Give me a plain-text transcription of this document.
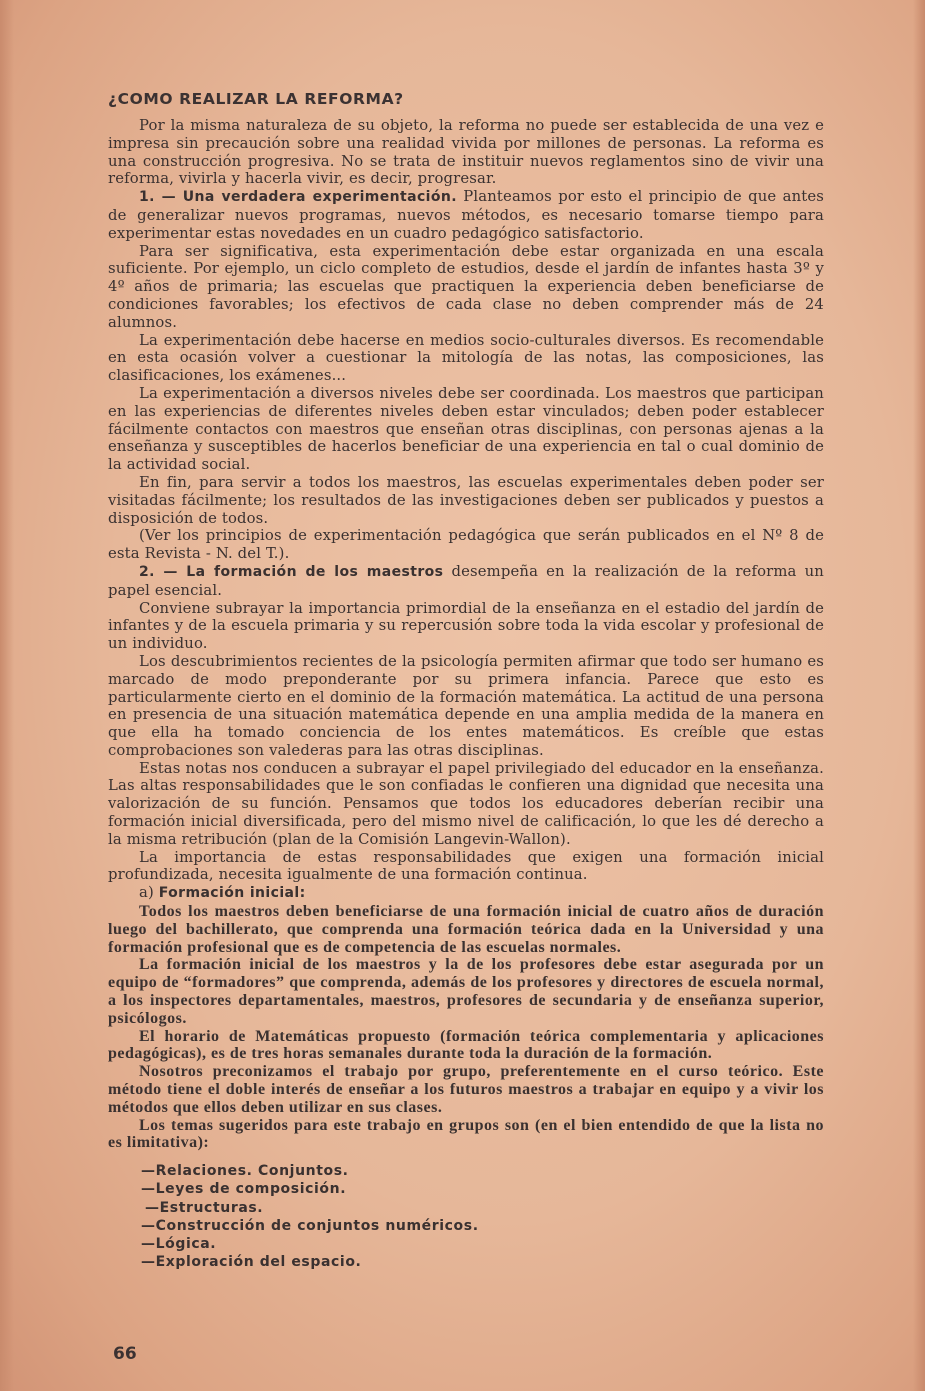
¿COMO REALIZAR LA REFORMA?

Por la misma naturaleza de su objeto, la reforma no puede ser establecida de una vez e impresa sin precaución sobre una realidad vivida por millones de personas. La reforma es una construcción progresiva. No se trata de instituir nuevos reglamentos sino de vivir una reforma, vivirla y hacerla vivir, es decir, progresar.

1. — Una verdadera experimentación. Planteamos por esto el principio de que antes de generalizar nuevos programas, nuevos métodos, es necesario tomarse tiempo para experimentar estas novedades en un cuadro pedagógico satisfactorio.

Para ser significativa, esta experimentación debe estar organizada en una escala suficiente. Por ejemplo, un ciclo completo de estudios, desde el jardín de infantes hasta 3º y 4º años de primaria; las escuelas que practiquen la experiencia deben beneficiarse de condiciones favorables; los efectivos de cada clase no deben comprender más de 24 alumnos.

La experimentación debe hacerse en medios socio-culturales diversos. Es recomendable en esta ocasión volver a cuestionar la mitología de las notas, las composiciones, las clasificaciones, los exámenes...

La experimentación a diversos niveles debe ser coordinada. Los maestros que participan en las experiencias de diferentes niveles deben estar vinculados; deben poder establecer fácilmente contactos con maestros que enseñan otras disciplinas, con personas ajenas a la enseñanza y susceptibles de hacerlos beneficiar de una experiencia en tal o cual dominio de la actividad social.

En fin, para servir a todos los maestros, las escuelas experimentales deben poder ser visitadas fácilmente; los resultados de las investigaciones deben ser publicados y puestos a disposición de todos.

(Ver los principios de experimentación pedagógica que serán publicados en el Nº 8 de esta Revista - N. del T.).

2. — La formación de los maestros desempeña en la realización de la reforma un papel esencial.

Conviene subrayar la importancia primordial de la enseñanza en el estadio del jardín de infantes y de la escuela primaria y su repercusión sobre toda la vida escolar y profesional de un individuo.

Los descubrimientos recientes de la psicología permiten afirmar que todo ser humano es marcado de modo preponderante por su primera infancia. Parece que esto es particularmente cierto en el dominio de la formación matemática. La actitud de una persona en presencia de una situación matemática depende en una amplia medida de la manera en que ella ha tomado conciencia de los entes matemáticos. Es creíble que estas comprobaciones son valederas para las otras disciplinas.

Estas notas nos conducen a subrayar el papel privilegiado del educador en la enseñanza. Las altas responsabilidades que le son confiadas le confieren una dignidad que necesita una valorización de su función. Pensamos que todos los educadores deberían recibir una formación inicial diversificada, pero del mismo nivel de calificación, lo que les dé derecho a la misma retribución (plan de la Comisión Langevin-Wallon).

La importancia de estas responsabilidades que exigen una formación inicial profundizada, necesita igualmente de una formación continua.

a) Formación inicial:

Todos los maestros deben beneficiarse de una formación inicial de cuatro años de duración luego del bachillerato, que comprenda una formación teórica dada en la Universidad y una formación profesional que es de competencia de las escuelas normales.

La formación inicial de los maestros y la de los profesores debe estar asegurada por un equipo de “formadores” que comprenda, además de los profesores y directores de escuela normal, a los inspectores departamentales, maestros, profesores de secundaria y de enseñanza superior, psicólogos.

El horario de Matemáticas propuesto (formación teórica complementaria y aplicaciones pedagógicas), es de tres horas semanales durante toda la duración de la formación.

Nosotros preconizamos el trabajo por grupo, preferentemente en el curso teórico. Este método tiene el doble interés de enseñar a los futuros maestros a trabajar en equipo y a vivir los métodos que ellos deben utilizar en sus clases.

Los temas sugeridos para este trabajo en grupos son (en el bien entendido de que la lista no es limitativa):

—Relaciones. Conjuntos.
—Leyes de composición.
—Estructuras.
—Construcción de conjuntos numéricos.
—Lógica.
—Exploración del espacio.
66
